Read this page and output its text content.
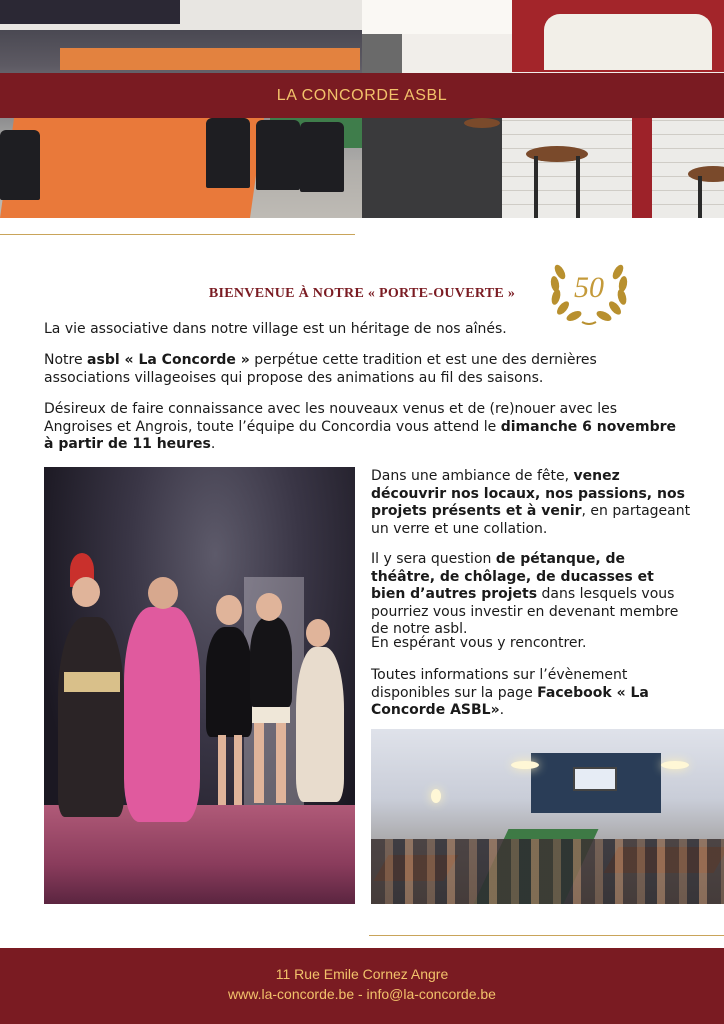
LA CONCORDE ASBL
BIENVENUE À NOTRE « PORTE-OUVERTE »	50

La vie associative dans notre village est un héritage de nos aînés.

Notre asbl « La Concorde » perpétue cette tradition et est une des dernières associations villageoises qui propose des animations au fil des saisons.

Désireux de faire connaissance avec les nouveaux venus et de (re)nouer avec les Angroises et Angrois, toute l’équipe du Concordia vous attend le dimanche 6 novembre à partir de 11 heures.

Dans une ambiance de fête, venez découvrir nos locaux, nos passions, nos projets présents et à venir, en partageant un verre et une collation.

Il y sera question de pétanque, de théâtre, de chôlage, de ducasses et bien d’autres projets dans lesquels vous pourriez vous investir en devenant membre de notre asbl.

En espérant vous y rencontrer.

Toutes informations sur l’évènement disponibles sur la page Facebook « La Concorde ASBL».

11 Rue Emile Cornez Angre
www.la-concorde.be - info@la-concorde.be
